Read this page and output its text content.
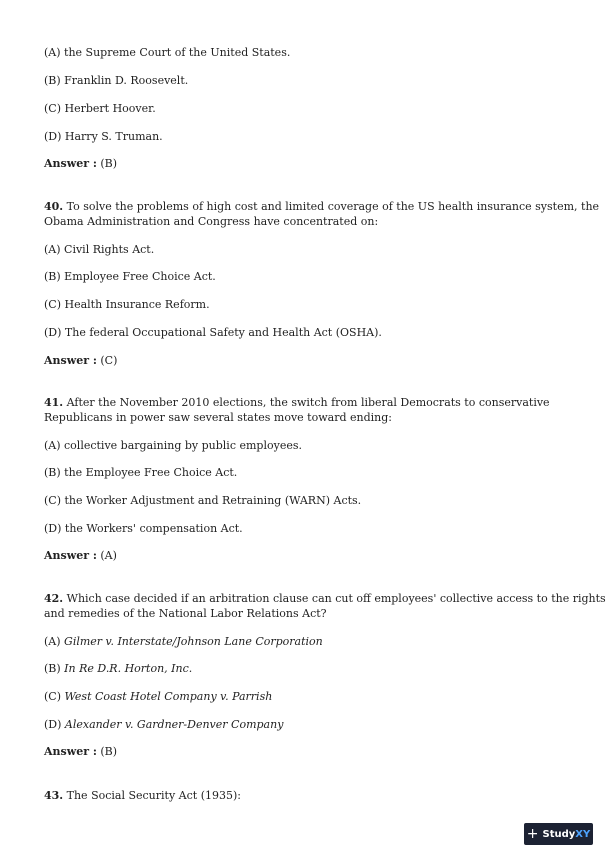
(A) the Supreme Court of the United States.
(B) Franklin D. Roosevelt.
(C) Herbert Hoover.
(D) Harry S. Truman.
Answer : (B)
40. To solve the problems of high cost and limited coverage of the US health insurance system, the
Obama Administration and Congress have concentrated on:
(A) Civil Rights Act.
(B) Employee Free Choice Act.
(C) Health Insurance Reform.
(D) The federal Occupational Safety and Health Act (OSHA).
Answer : (C)
41. After the November 2010 elections, the switch from liberal Democrats to conservative
Republicans in power saw several states move toward ending:
(A) collective bargaining by public employees.
(B) the Employee Free Choice Act.
(C) the Worker Adjustment and Retraining (WARN) Acts.
(D) the Workers' compensation Act.
Answer : (A)
42. Which case decided if an arbitration clause can cut off employees' collective access to the rights
and remedies of the National Labor Relations Act?
(A) Gilmer v. Interstate/Johnson Lane Corporation
(B) In Re D.R. Horton, Inc.
(C) West Coast Hotel Company v. Parrish
(D) Alexander v. Gardner-Denver Company
Answer : (B)
43. The Social Security Act (1935):
+ StudyXY
